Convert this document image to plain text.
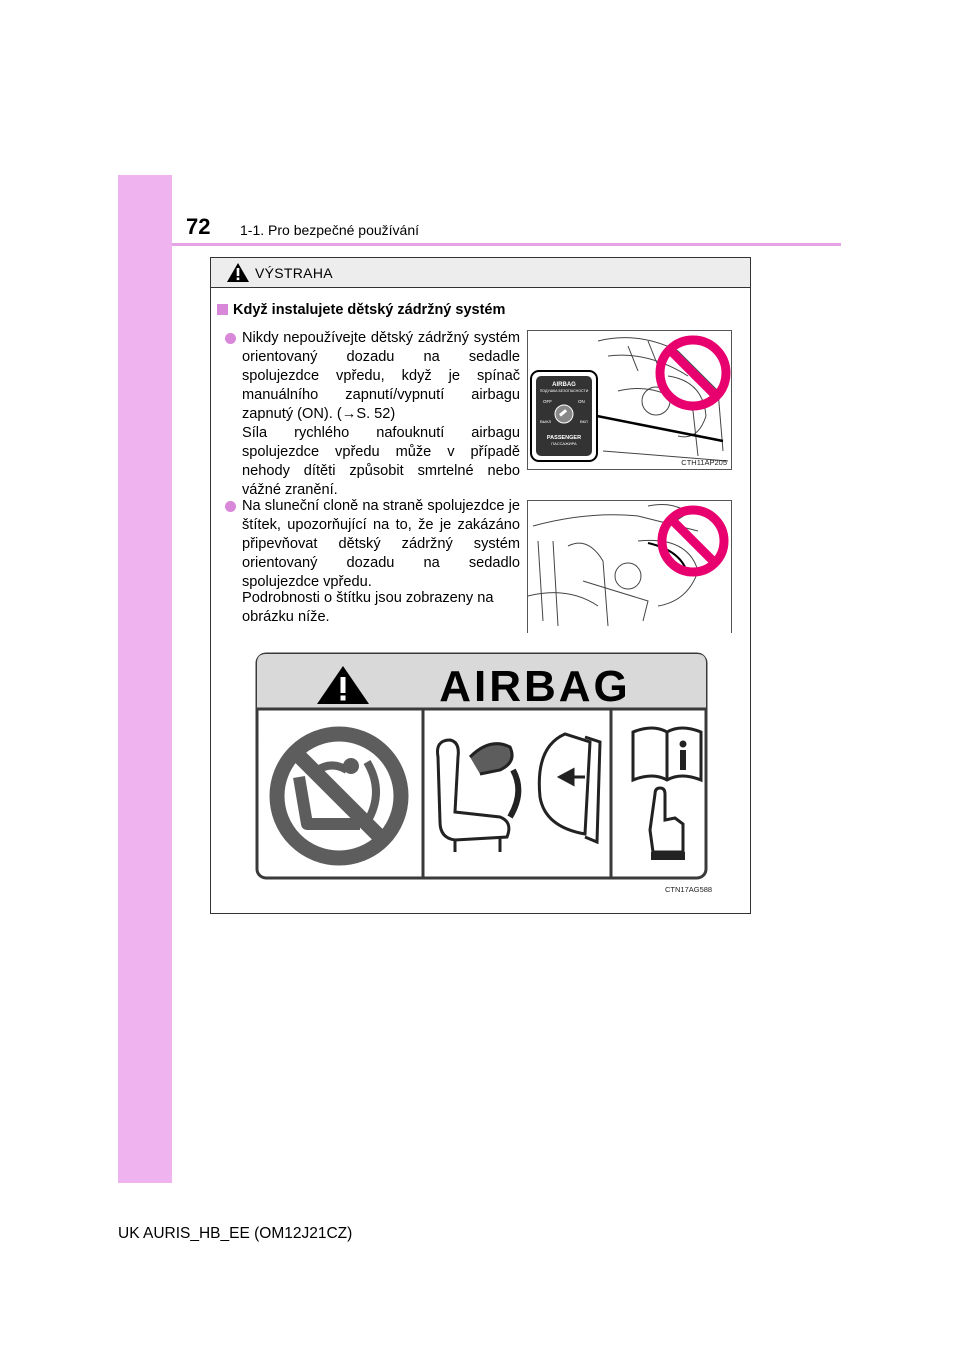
72 1-1. Pro bezpečné používání
VÝSTRAHA
Když instalujete dětský zádržný systém

Nikdy nepoužívejte dětský zádržný systém orientovaný dozadu na sedadle spolujezdce vpředu, když je spínač manuálního zapnutí/vypnutí airbagu zapnutý (ON). (→S. 52)

Síla rychlého nafouknutí airbagu spolujezdce vpředu může v případě nehody dítěti způsobit smrtelné nebo vážné zranění.

Na sluneční cloně na straně spolujezdce je štítek, upozorňující na to, že je zakázáno připevňovat dětský zádržný systém orientovaný dozadu na sedadlo spolujezdce vpředu.

Podrobnosti o štítku jsou zobrazeny na obrázku níže.
AIRBAG
ПОДУШКА БЕЗОПАСНОСТИ
OFF	ON
ВЫКЛ	ВКЛ
PASSENGER
ПАССАЖИРА
CTH11AP205
AIRBAG
CTN17AG588
UK AURIS_HB_EE (OM12J21CZ)
